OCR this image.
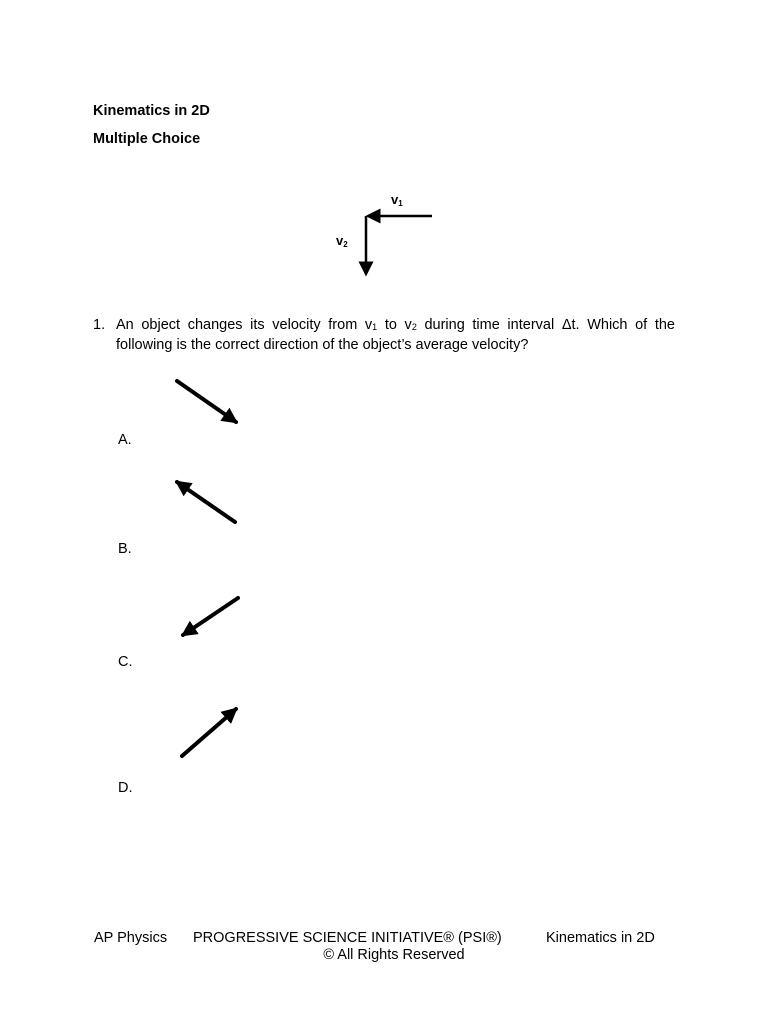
Kinematics in 2D
Multiple Choice
v1
v2
1. An object changes its velocity from $v_1$ to $v_2$ during time interval Δt. Which of the following is the correct direction of the object’s average velocity?
A.
B.
C.
D.
AP Physics PROGRESSIVE SCIENCE INITIATIVE® (PSI®)	Kinematics in 2D
© All Rights Reserved
